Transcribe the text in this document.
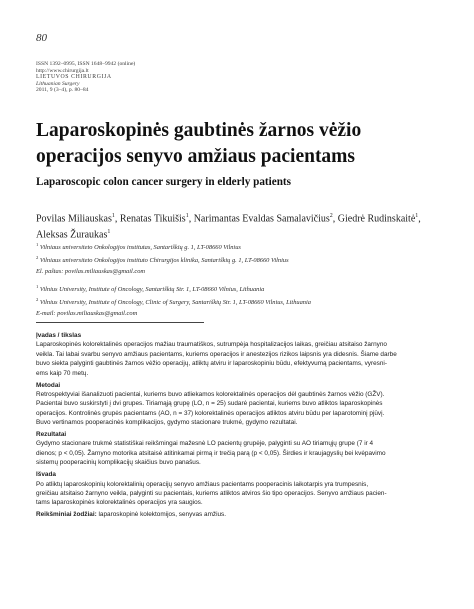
80
ISSN 1392–0995, ISSN 1648–9942 (online)
http://www.chirurgija.lt
LIETUVOS CHIRURGIJA
Lithuanian Surgery
2011, 9 (3–4), p. 80–84
Laparoskopinės gaubtinės žarnos vėžio
operacijos senyvo amžiaus pacientams
Laparoscopic colon cancer surgery in elderly patients
Povilas Miliauskas$^1$, Renatas Tikuišis$^1$, Narimantas Evaldas Samalavičius$^2$, Giedrė Rudinskaitė$^1$,
Aleksas Žuraukas$^1$
$^1$ Vilniaus universiteto Onkologijos institutas, Santariškių g. 1, LT-08660 Vilnius
$^2$ Vilniaus universiteto Onkologijos instituto Chirurgijos klinika, Santariškių g. 1, LT-08660 Vilnius
El. paštas: povilas.miliauskas@gmail.com
$^1$ Vilnius University, Institute of Oncology, Santariškių Str. 1, LT-08660 Vilnius, Lithuania
$^2$ Vilnius University, Institute of Oncology, Clinic of Surgery, Santariškių Str. 1, LT-08660 Vilnius, Lithuania
E-mail: povilas.miliauskas@gmail.com
Įvadas / tikslas

Laparoskopinės kolorektalinės operacijos mažiau traumatiškos, sutrumpėja hospitalizacijos laikas, greičiau atsitaiso žarnyno
veikla. Tai labai svarbu senyvo amžiaus pacientams, kuriems operacijos ir anestezijos rizikos laipsnis yra didesnis. Šiame darbe
buvo siekta palyginti gaubtinės žarnos vėžio operacijų, atliktų atviru ir laparoskopiniu būdu, efektyvumą pacientams, vyresni-
ems kaip 70 metų.

Metodai

Retrospektyviai išanalizuoti pacientai, kuriems buvo atliekamos kolorektalinės operacijos dėl gaubtinės žarnos vėžio (GŽV).
Pacientai buvo suskirstyti į dvi grupes. Tiriamąją grupę (LO, n = 25) sudarė pacientai, kuriems buvo atliktos laparoskopinės
operacijos. Kontrolinės grupės pacientams (AO, n = 37) kolorektalinės operacijos atliktos atviru būdu per laparotominį pjūvį.
Buvo vertinamos pooperacinės komplikacijos, gydymo stacionare trukmė, gydymo rezultatai.

Rezultatai

Gydymo stacionare trukmė statistiškai reikšmingai mažesnė LO pacientų grupėje, palyginti su AO tiriamųjų grupe (7 ir 4
dienos; p < 0,05). Žarnyno motorika atsitaisė atitinkamai pirmą ir trečią parą (p < 0,05). Širdies ir kraujagyslių bei kvėpavimo
sistemų pooperacinių komplikacijų skaičius buvo panašus.

Išvada

Po atliktų laparoskopinių kolorektalinių operacijų senyvo amžiaus pacientams pooperacinis laikotarpis yra trumpesnis,
greičiau atsitaiso žarnyno veikla, palyginti su pacientais, kuriems atliktos atviros šio tipo operacijos. Senyvo amžiaus pacien-
tams laparoskopinės kolorektalinės operacijos yra saugios.

Reikšminiai žodžiai: laparoskopinė kolektomijos, senyvas amžius.
